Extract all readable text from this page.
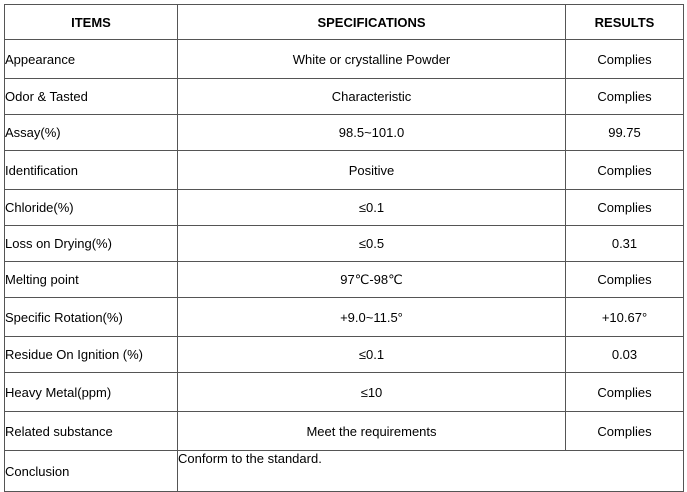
ITEMS	SPECIFICATIONS	RESULTS
Appearance	White or crystalline Powder	Complies
Odor & Tasted	Characteristic	Complies
Assay(%)	98.5~101.0	99.75
Identification	Positive	Complies
Chloride(%)	≤0.1	Complies
Loss on Drying(%)	≤0.5	0.31
Melting point	97℃-98℃	Complies
Specific Rotation(%)	+9.0~11.5°	+10.67°
Residue On Ignition (%)	≤0.1	0.03
Heavy Metal(ppm)	≤10	Complies
Related substance	Meet the requirements	Complies
Conclusion	Conform to the standard.	
